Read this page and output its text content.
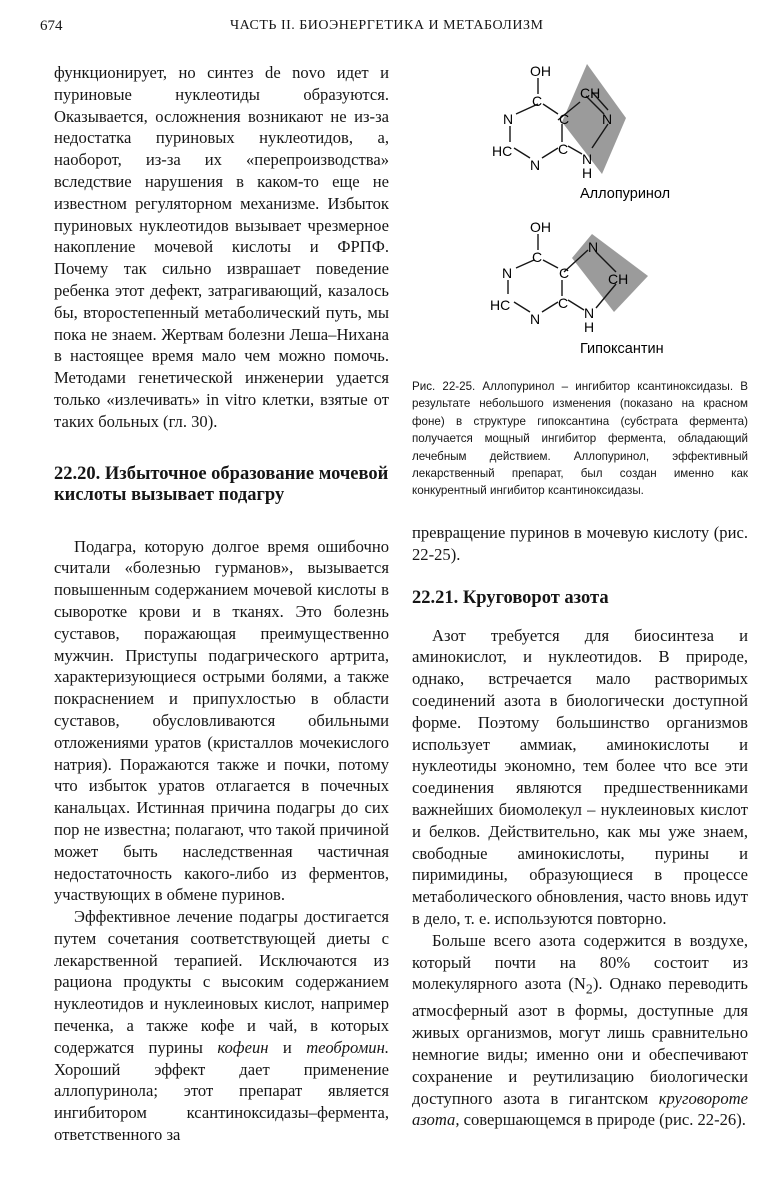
674	ЧАСТЬ II. БИОЭНЕРГЕТИКА И МЕТАБОЛИЗМ

функционирует, но синтез de novo идет и пуриновые нуклеотиды образуются. Оказывается, осложнения возникают не из-за недостатка пуриновых нуклеотидов, а, наоборот, из-за их «перепроизводства» вследствие нарушения в каком-то еще не известном регуляторном механизме. Избыток пуриновых нуклеотидов вызывает чрезмерное накопление мочевой кислоты и ФРПФ. Почему так сильно изврашает поведение ребенка этот дефект, затрагивающий, казалось бы, второстепенный метаболический путь, мы пока не знаем. Жертвам болезни Леша–Нихана в настоящее время мало чем можно помочь. Методами генетической инженерии удается только «излечивать» in vitro клетки, взятые от таких больных (гл. 30).

22.20. Избыточное образование мочевой кислоты вызывает подагру

Подагра, которую долгое время ошибочно считали «болезнью гурманов», вызывается повышенным содержанием мочевой кислоты в сыворотке крови и в тканях. Это болезнь суставов, поражающая преимущественно мужчин. Приступы подагрического артрита, характеризующиеся острыми болями, а также покраснением и припухлостью в области суставов, обусловливаются обильными отложениями уратов (кристаллов мочекислого натрия). Поражаются также и почки, потому что избыток уратов отлагается в почечных канальцах. Истинная причина подагры до сих пор не известна; полагают, что такой причиной может быть наследственная частичная недостаточность какого-либо из ферментов, участвующих в обмене пуринов.

Эффективное лечение подагры достигается путем сочетания соответствующей диеты с лекарственной терапией. Исключаются из рациона продукты с высоким содержанием нуклеотидов и нуклеиновых кислот, например печенка, а также кофе и чай, в которых содержатся пурины кофеин и теобромин. Хороший эффект дает применение аллопуринола; этот препарат является ингибитором ксантиноксидазы–фермента, ответственного за

OH
C
N	C
CH
N
HC	C
N	N
H
Аллопуринол
OH
C
N	C
N
CH
HC	C
N	N
H
Гипоксантин
Рис. 22-25. Аллопуринол – ингибитор ксантиноксидазы. В результате небольшого изменения (показано на красном фоне) в структуре гипоксантина (субстрата фермента) получается мощный ингибитор фермента, обладающий лечебным действием. Аллопуринол, эффективный лекарственный препарат, был создан именно как конкурентный ингибитор ксантиноксидазы.

превращение пуринов в мочевую кислоту (рис. 22-25).

22.21. Круговорот азота

Азот требуется для биосинтеза и аминокислот, и нуклеотидов. В природе, однако, встречается мало растворимых соединений азота в биологически доступной форме. Поэтому большинство организмов использует аммиак, аминокислоты и нуклеотиды экономно, тем более что все эти соединения являются предшественниками важнейших биомолекул – нуклеиновых кислот и белков. Действительно, как мы уже знаем, свободные аминокислоты, пурины и пиримидины, образующиеся в процессе метаболического обновления, часто вновь идут в дело, т. е. используются повторно.

Больше всего азота содержится в воздухе, который почти на 80% состоит из молекулярного азота $(N_2)$. Однако переводить атмосферный азот в формы, доступные для живых организмов, могут лишь сравнительно немногие виды; именно они и обеспечивают сохранение и реутилизацию биологически доступного азота в гигантском круговороте азота, совершающемся в природе (рис. 22-26).
